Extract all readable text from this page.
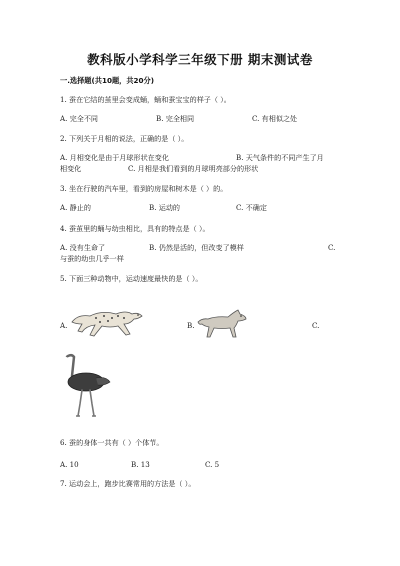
教科版小学科学三年级下册 期末测试卷
一.选择题(共10题，共20分)
1. 蚕在它结的茧里会变成蛹，蛹和蚕宝宝的样子（ ）。
A. 完全不同	B. 完全相同	C. 有相似之处
2. 下列关于月相的说法，正确的是（ ）。
A. 月相变化是由于月球形状在变化	B. 天气条件的不同产生了月
相变化	C. 月相是我们看到的月球明亮部分的形状
3. 坐在行驶的汽车里，看到的房屋和树木是（ ）的。
A. 静止的	B. 运动的	C. 不确定
4. 蚕茧里的蛹与幼虫相比，具有的特点是（ ）。
A. 没有生命了	B. 仍然是活的，但改变了模样	C.
与蚕的幼虫几乎一样
5. 下面三种动物中，运动速度最快的是（ ）。
A.	B.	C.
6. 蚕的身体一共有（ ）个体节。
A. 10	B. 13	C. 5
7. 运动会上，跑步比赛常用的方法是（ ）。
